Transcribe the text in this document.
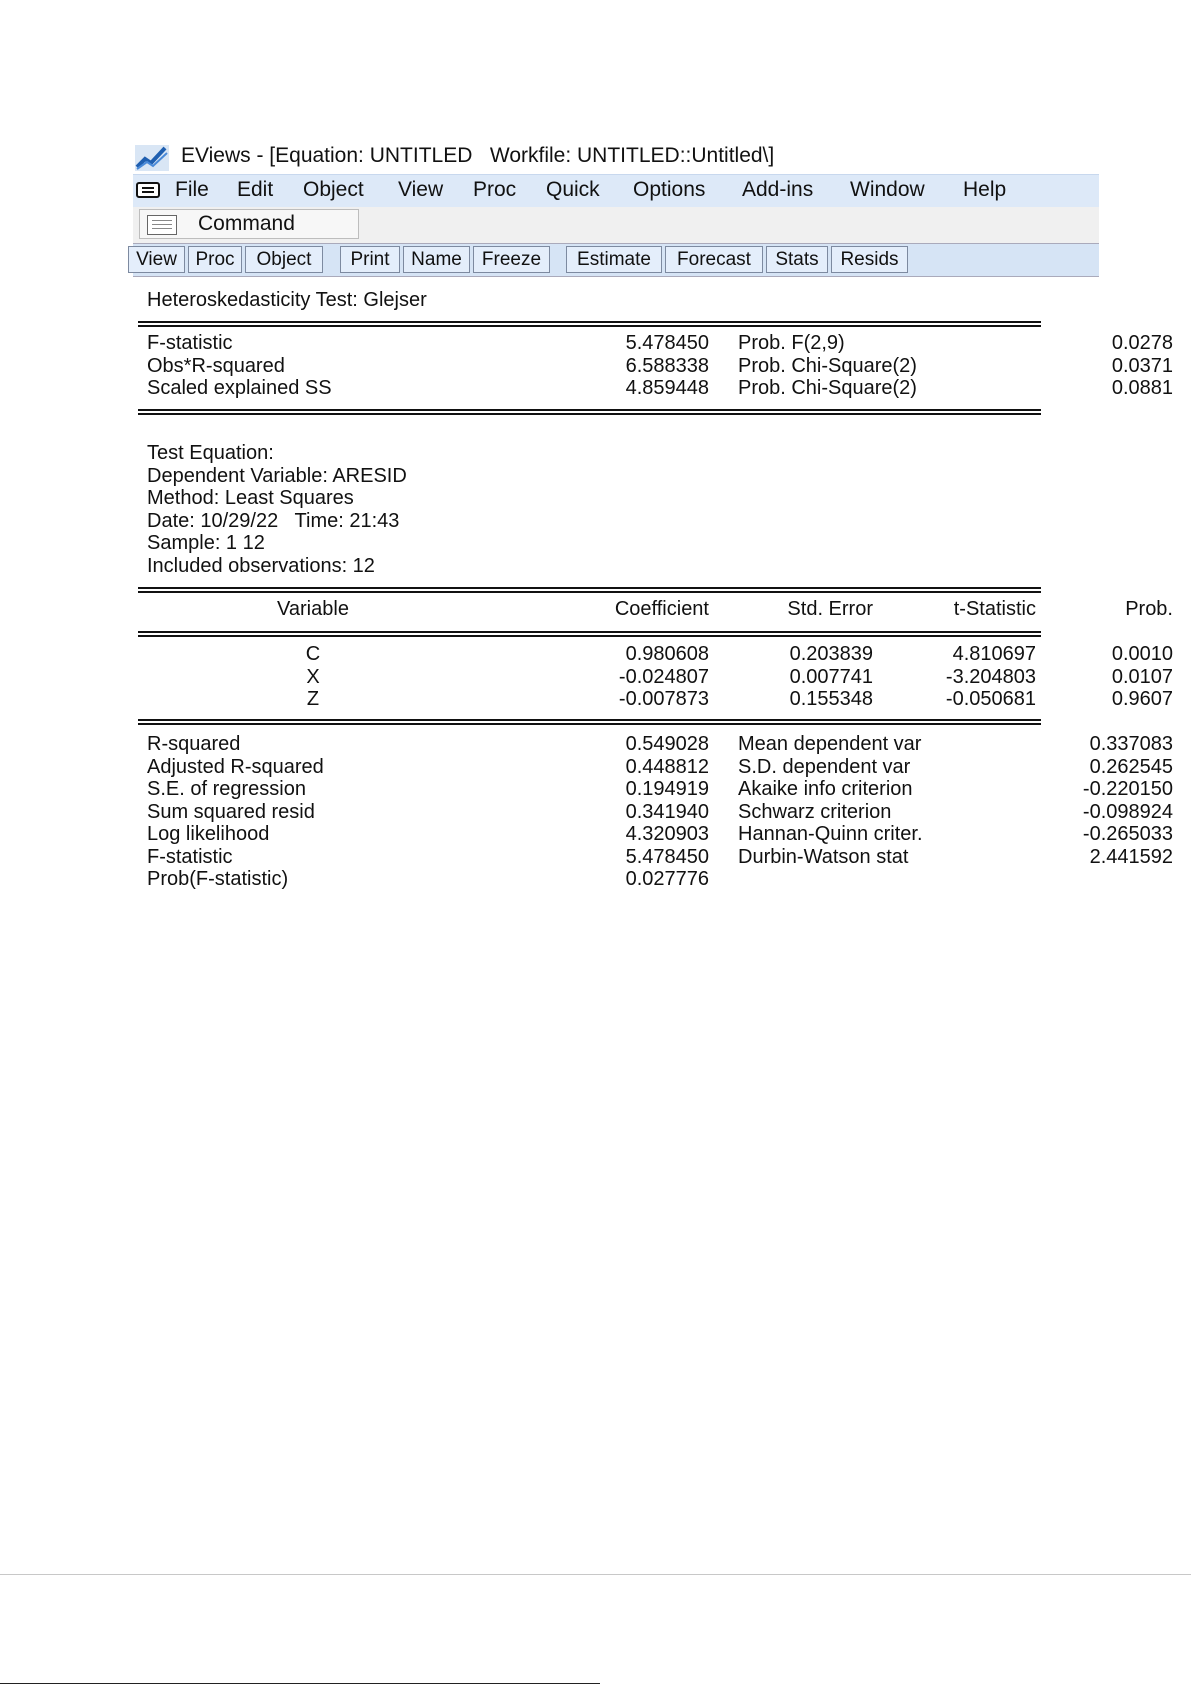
EViews - [Equation: UNTITLED   Workfile: UNTITLED::Untitled\]
File Edit Object View Proc Quick Options Add-ins Window Help
Command
View Proc	Object	Print	Name	Freeze	Estimate	Forecast	Stats	Resids
Heteroskedasticity Test: Glejser
F-statistic	5.478450 Prob. F(2,9)	0.0278
Obs*R-squared	6.588338 Prob. Chi-Square(2)	0.0371
Scaled explained SS	4.859448 Prob. Chi-Square(2)	0.0881
Test Equation:
Dependent Variable: ARESID
Method: Least Squares
Date: 10/29/22   Time: 21:43
Sample: 1 12
Included observations: 12
Variable	Coefficient	Std. Error	t-Statistic	Prob.
C	0.980608	0.203839	4.810697	0.0010
X	-0.024807	0.007741	-3.204803	0.0107
Z	-0.007873	0.155348	-0.050681	0.9607
R-squared	0.549028 Mean dependent var	0.337083
Adjusted R-squared	0.448812 S.D. dependent var	0.262545
S.E. of regression	0.194919 Akaike info criterion	-0.220150
Sum squared resid	0.341940 Schwarz criterion	-0.098924
Log likelihood	4.320903 Hannan-Quinn criter.	-0.265033
F-statistic	5.478450 Durbin-Watson stat	2.441592
Prob(F-statistic)	0.027776
